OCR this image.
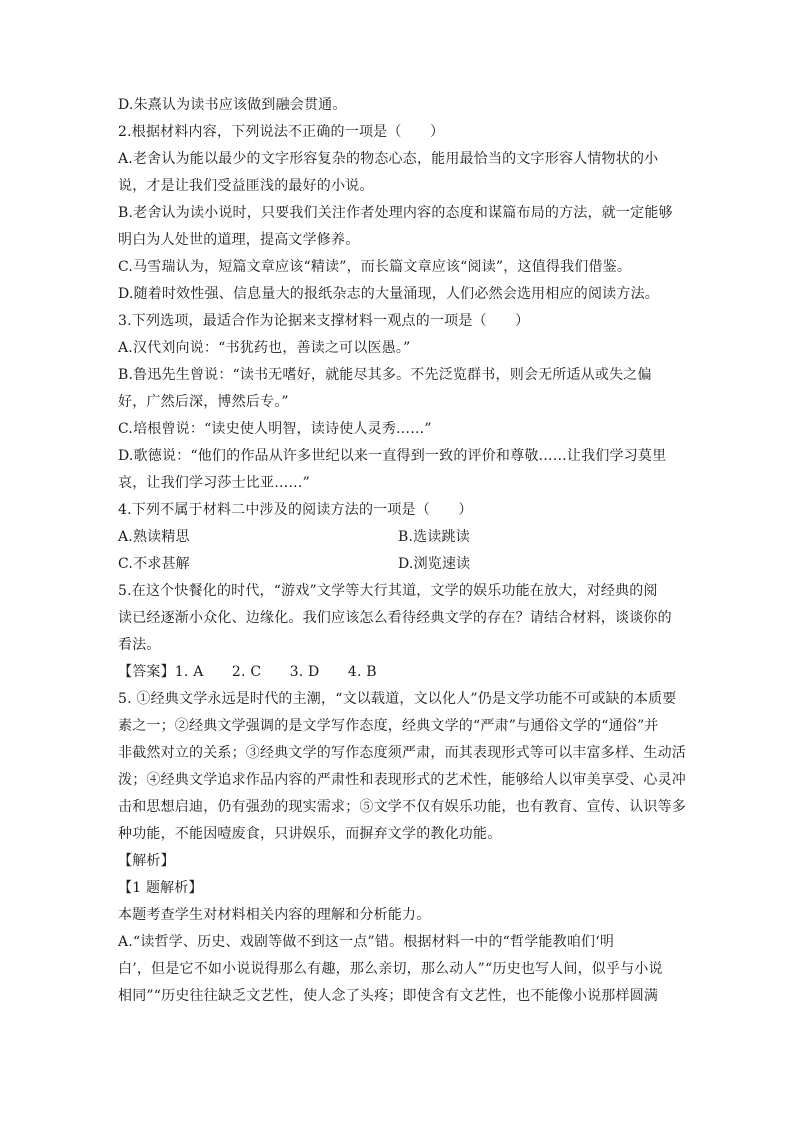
D.朱熹认为读书应该做到融会贯通。
2.根据材料内容，下列说法不正确的一项是（　　）
A.老舍认为能以最少的文字形容复杂的物态心态，能用最恰当的文字形容人情物状的小
说，才是让我们受益匪浅的最好的小说。
B.老舍认为读小说时，只要我们关注作者处理内容的态度和谋篇布局的方法，就一定能够
明白为人处世的道理，提高文学修养。
C.马雪瑞认为，短篇文章应该“精读”，而长篇文章应该“阅读”，这值得我们借鉴。
D.随着时效性强、信息量大的报纸杂志的大量涌现，人们必然会选用相应的阅读方法。
3.下列选项，最适合作为论据来支撑材料一观点的一项是（　　）
A.汉代刘向说：“书犹药也，善读之可以医愚。”
B.鲁迅先生曾说：“读书无嗜好，就能尽其多。不先泛览群书，则会无所适从或失之偏
好，广然后深，博然后专。”
C.培根曾说：“读史使人明智，读诗使人灵秀……”
D.歌德说：“他们的作品从许多世纪以来一直得到一致的评价和尊敬……让我们学习莫里
哀，让我们学习莎士比亚……”
4.下列不属于材料二中涉及的阅读方法的一项是（　　）
A.熟读精思	B.选读跳读
C.不求甚解	D.浏览速读
5.在这个快餐化的时代，“游戏”文学等大行其道，文学的娱乐功能在放大，对经典的阅
读已经逐渐小众化、边缘化。我们应该怎么看待经典文学的存在？请结合材料，谈谈你的
看法。
【答案】1. A　　2. C　　3. D　　4. B
5. ①经典文学永远是时代的主潮，“文以载道，文以化人”仍是文学功能不可或缺的本质要
素之一；②经典文学强调的是文学写作态度，经典文学的“严肃”与通俗文学的“通俗”并
非截然对立的关系；③经典文学的写作态度须严肃，而其表现形式等可以丰富多样、生动活
泼；④经典文学追求作品内容的严肃性和表现形式的艺术性，能够给人以审美享受、心灵冲
击和思想启迪，仍有强劲的现实需求；⑤文学不仅有娱乐功能，也有教育、宣传、认识等多
种功能，不能因噎废食，只讲娱乐，而摒弃文学的教化功能。
【解析】
【1 题解析】
本题考查学生对材料相关内容的理解和分析能力。
A.“读哲学、历史、戏剧等做不到这一点”错。根据材料一中的“哲学能教咱们‘明
白’，但是它不如小说说得那么有趣，那么亲切，那么动人”“历史也写人间，似乎与小说
相同”“历史往往缺乏文艺性，使人念了头疼；即使含有文艺性，也不能像小说那样圆满
